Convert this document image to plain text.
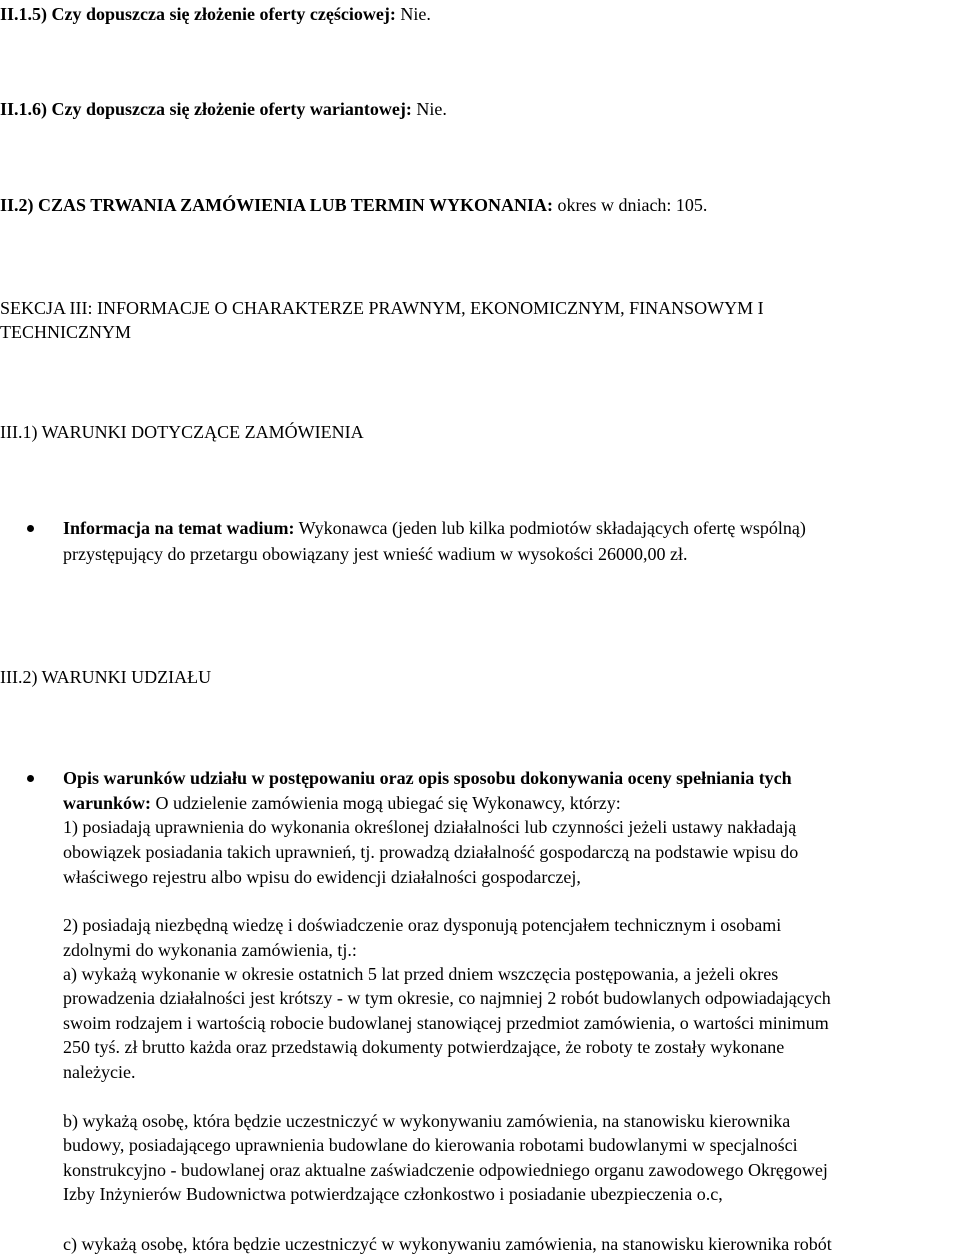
II.1.5) Czy dopuszcza się złożenie oferty częściowej: Nie.

II.1.6) Czy dopuszcza się złożenie oferty wariantowej: Nie.

II.2) CZAS TRWANIA ZAMÓWIENIA LUB TERMIN WYKONANIA: okres w dniach: 105.

SEKCJA III: INFORMACJE O CHARAKTERZE PRAWNYM, EKONOMICZNYM, FINANSOWYM I

TECHNICZNYM

III.1) WARUNKI DOTYCZĄCE ZAMÓWIENIA

Informacja na temat wadium: Wykonawca (jeden lub kilka podmiotów składających ofertę wspólną)

przystępujący do przetargu obowiązany jest wnieść wadium w wysokości 26000,00 zł.

III.2) WARUNKI UDZIAŁU

Opis warunków udziału w postępowaniu oraz opis sposobu dokonywania oceny spełniania tych

warunków: O udzielenie zamówienia mogą ubiegać się Wykonawcy, którzy:

1) posiadają uprawnienia do wykonania określonej działalności lub czynności jeżeli ustawy nakładają

obowiązek posiadania takich uprawnień, tj. prowadzą działalność gospodarczą na podstawie wpisu do

właściwego rejestru albo wpisu do ewidencji działalności gospodarczej,

2) posiadają niezbędną wiedzę i doświadczenie oraz dysponują potencjałem technicznym i osobami

zdolnymi do wykonania zamówienia, tj.:

a) wykażą wykonanie w okresie ostatnich 5 lat przed dniem wszczęcia postępowania, a jeżeli okres

prowadzenia działalności jest krótszy - w tym okresie, co najmniej 2 robót budowlanych odpowiadających

swoim rodzajem i wartością robocie budowlanej stanowiącej przedmiot zamówienia, o wartości minimum

250 tyś. zł brutto każda oraz przedstawią dokumenty potwierdzające, że roboty te zostały wykonane

należycie.

b) wykażą osobę, która będzie uczestniczyć w wykonywaniu zamówienia, na stanowisku kierownika

budowy, posiadającego uprawnienia budowlane do kierowania robotami budowlanymi w specjalności

konstrukcyjno - budowlanej oraz aktualne zaświadczenie odpowiedniego organu zawodowego Okręgowej

Izby Inżynierów Budownictwa potwierdzające członkostwo i posiadanie ubezpieczenia o.c,

c) wykażą osobę, która będzie uczestniczyć w wykonywaniu zamówienia, na stanowisku kierownika robót
